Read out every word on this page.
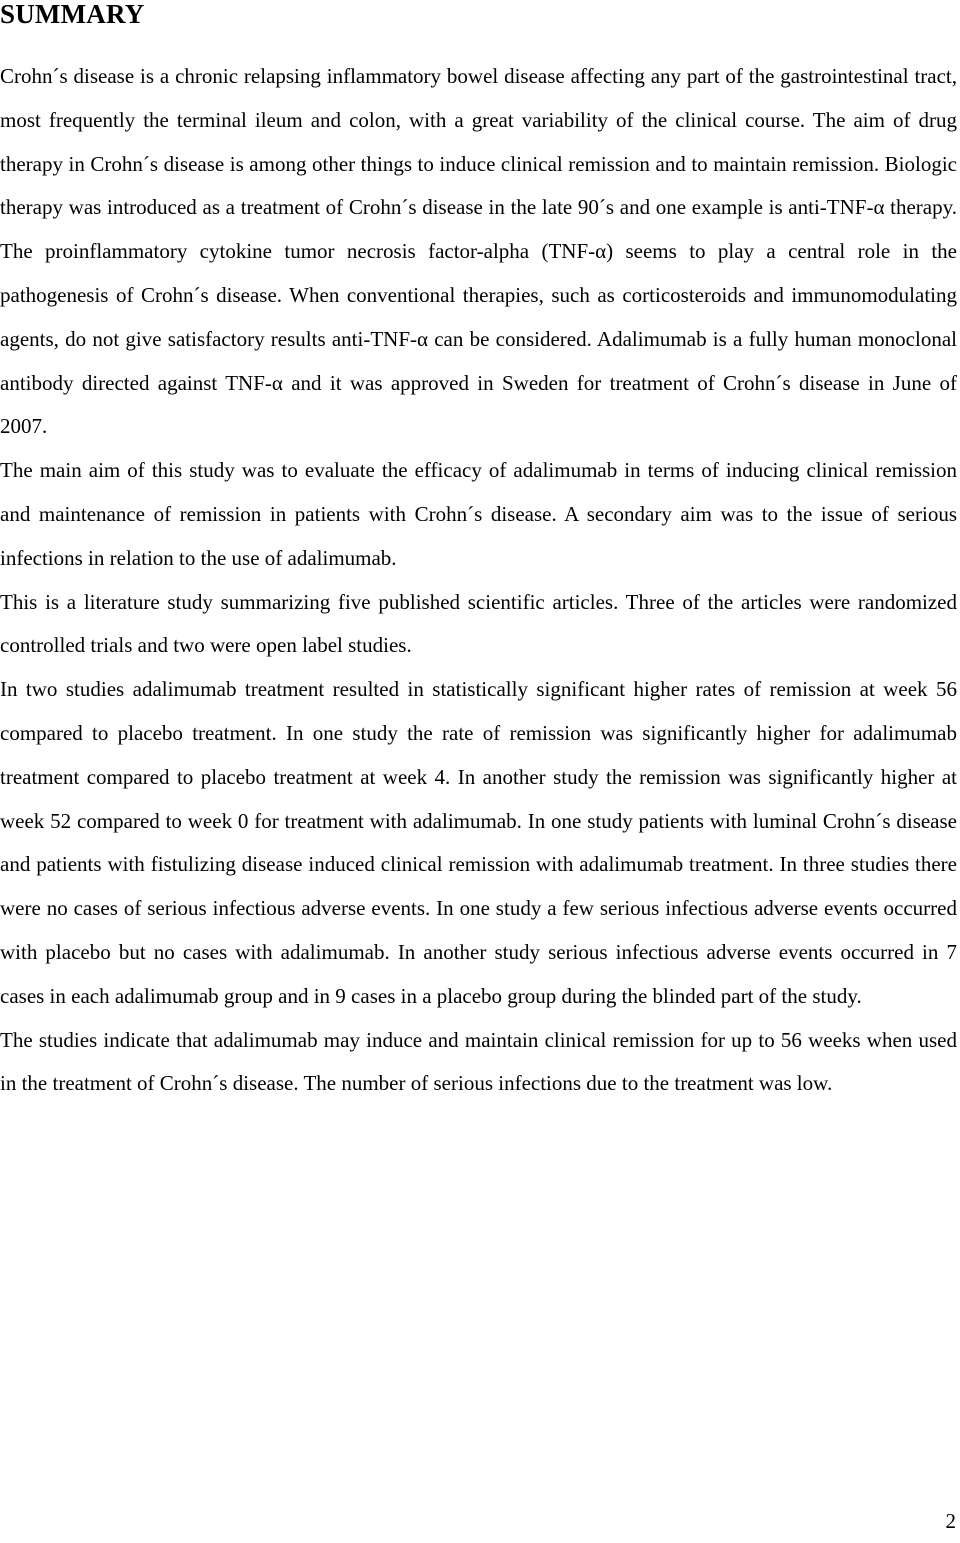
SUMMARY

Crohn´s disease is a chronic relapsing inflammatory bowel disease affecting any part of the gastrointestinal tract, most frequently the terminal ileum and colon, with a great variability of the clinical course. The aim of drug therapy in Crohn´s disease is among other things to induce clinical remission and to maintain remission. Biologic therapy was introduced as a treatment of Crohn´s disease in the late 90´s and one example is anti-TNF-α therapy. The proinflammatory cytokine tumor necrosis factor-alpha (TNF-α) seems to play a central role in the pathogenesis of Crohn´s disease. When conventional therapies, such as corticosteroids and immunomodulating agents, do not give satisfactory results anti-TNF-α can be considered. Adalimumab is a fully human monoclonal antibody directed against TNF-α and it was approved in Sweden for treatment of Crohn´s disease in June of 2007.

The main aim of this study was to evaluate the efficacy of adalimumab in terms of inducing clinical remission and maintenance of remission in patients with Crohn´s disease. A secondary aim was to the issue of serious infections in relation to the use of adalimumab.

This is a literature study summarizing five published scientific articles. Three of the articles were randomized controlled trials and two were open label studies.

In two studies adalimumab treatment resulted in statistically significant higher rates of remission at week 56 compared to placebo treatment. In one study the rate of remission was significantly higher for adalimumab treatment compared to placebo treatment at week 4. In another study the remission was significantly higher at week 52 compared to week 0 for treatment with adalimumab. In one study patients with luminal Crohn´s disease and patients with fistulizing disease induced clinical remission with adalimumab treatment. In three studies there were no cases of serious infectious adverse events. In one study a few serious infectious adverse events occurred with placebo but no cases with adalimumab. In another study serious infectious adverse events occurred in 7 cases in each adalimumab group and in 9 cases in a placebo group during the blinded part of the study.

The studies indicate that adalimumab may induce and maintain clinical remission for up to 56 weeks when used in the treatment of Crohn´s disease. The number of serious infections due to the treatment was low.

2
